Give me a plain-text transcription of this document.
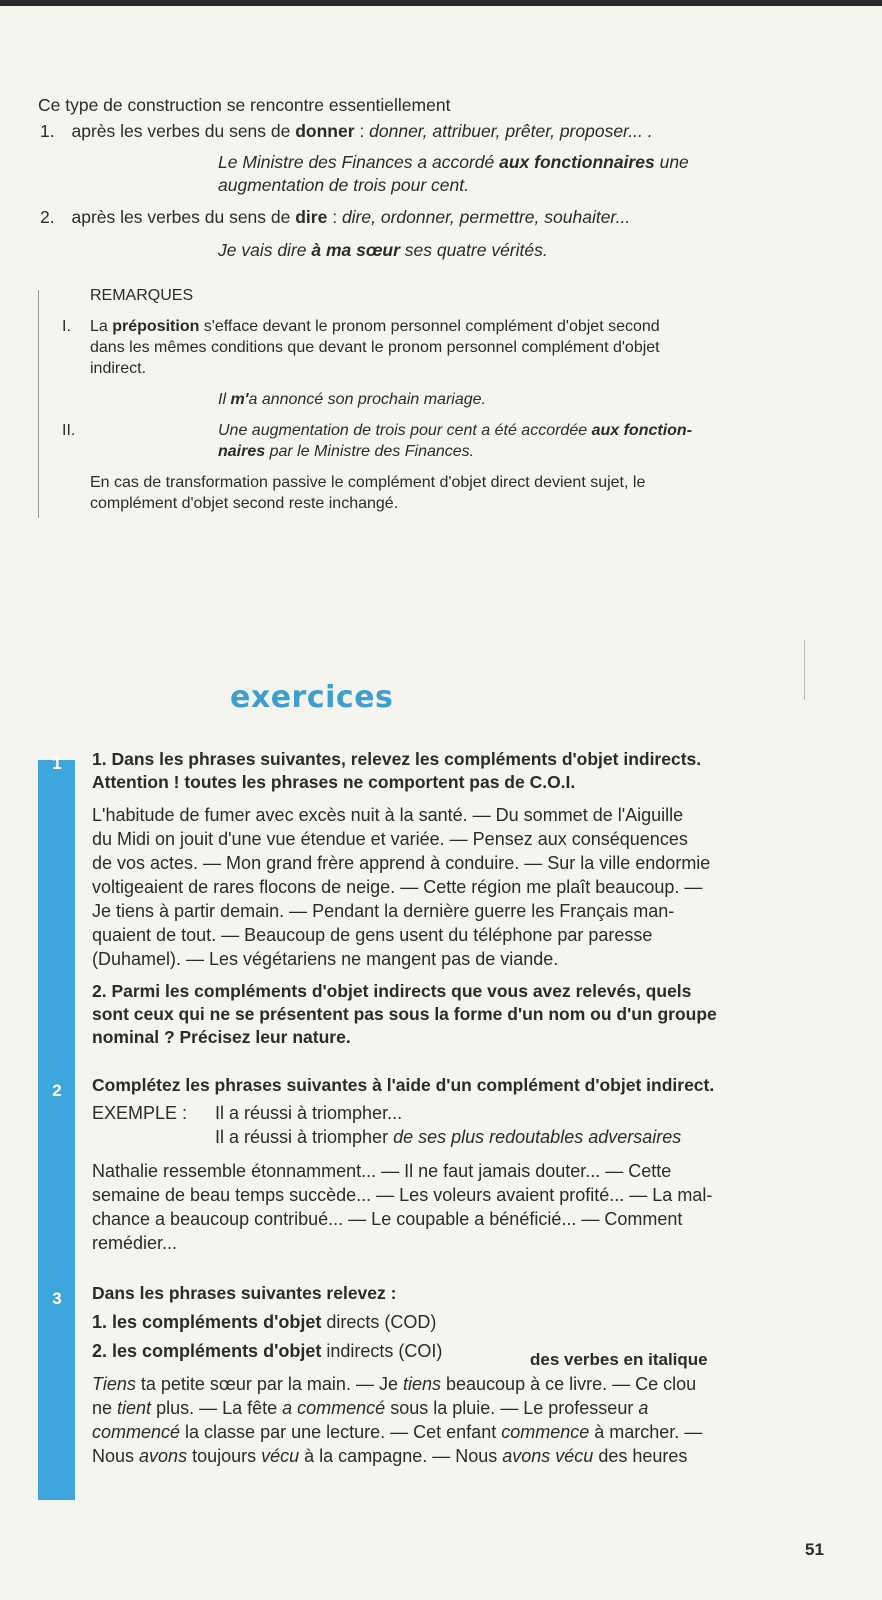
Ce type de construction se rencontre essentiellement
1. après les verbes du sens de donner : donner, attribuer, prêter, proposer... .
Le Ministre des Finances a accordé aux fonctionnaires une
augmentation de trois pour cent.
2. après les verbes du sens de dire : dire, ordonner, permettre, souhaiter...
Je vais dire à ma sœur ses quatre vérités.
REMARQUES
I. La préposition s'efface devant le pronom personnel complément d'objet second
dans les mêmes conditions que devant le pronom personnel complément d'objet
indirect.
Il m'a annoncé son prochain mariage.
II.	Une augmentation de trois pour cent a été accordée aux fonction-
naires par le Ministre des Finances.
En cas de transformation passive le complément d'objet direct devient sujet, le
complément d'objet second reste inchangé.
exercices
1
2
3
1. Dans les phrases suivantes, relevez les compléments d'objet indirects.
Attention ! toutes les phrases ne comportent pas de C.O.I.
L'habitude de fumer avec excès nuit à la santé. — Du sommet de l'Aiguille
du Midi on jouit d'une vue étendue et variée. — Pensez aux conséquences
de vos actes. — Mon grand frère apprend à conduire. — Sur la ville endormie
voltigeaient de rares flocons de neige. — Cette région me plaît beaucoup. —
Je tiens à partir demain. — Pendant la dernière guerre les Français man-
quaient de tout. — Beaucoup de gens usent du téléphone par paresse
(Duhamel). — Les végétariens ne mangent pas de viande.
2. Parmi les compléments d'objet indirects que vous avez relevés, quels
sont ceux qui ne se présentent pas sous la forme d'un nom ou d'un groupe
nominal ? Précisez leur nature.
Complétez les phrases suivantes à l'aide d'un complément d'objet indirect.
EXEMPLE : Il a réussi à triompher...
Il a réussi à triompher de ses plus redoutables adversaires
Nathalie ressemble étonnamment... — Il ne faut jamais douter... — Cette
semaine de beau temps succède... — Les voleurs avaient profité... — La mal-
chance a beaucoup contribué... — Le coupable a bénéficié... — Comment
remédier...
Dans les phrases suivantes relevez :
1. les compléments d'objet directs (COD)
2. les compléments d'objet indirects (COI)	des verbes en italique
Tiens ta petite sœur par la main. — Je tiens beaucoup à ce livre. — Ce clou
ne tient plus. — La fête a commencé sous la pluie. — Le professeur a
commencé la classe par une lecture. — Cet enfant commence à marcher. —
Nous avons toujours vécu à la campagne. — Nous avons vécu des heures
51
